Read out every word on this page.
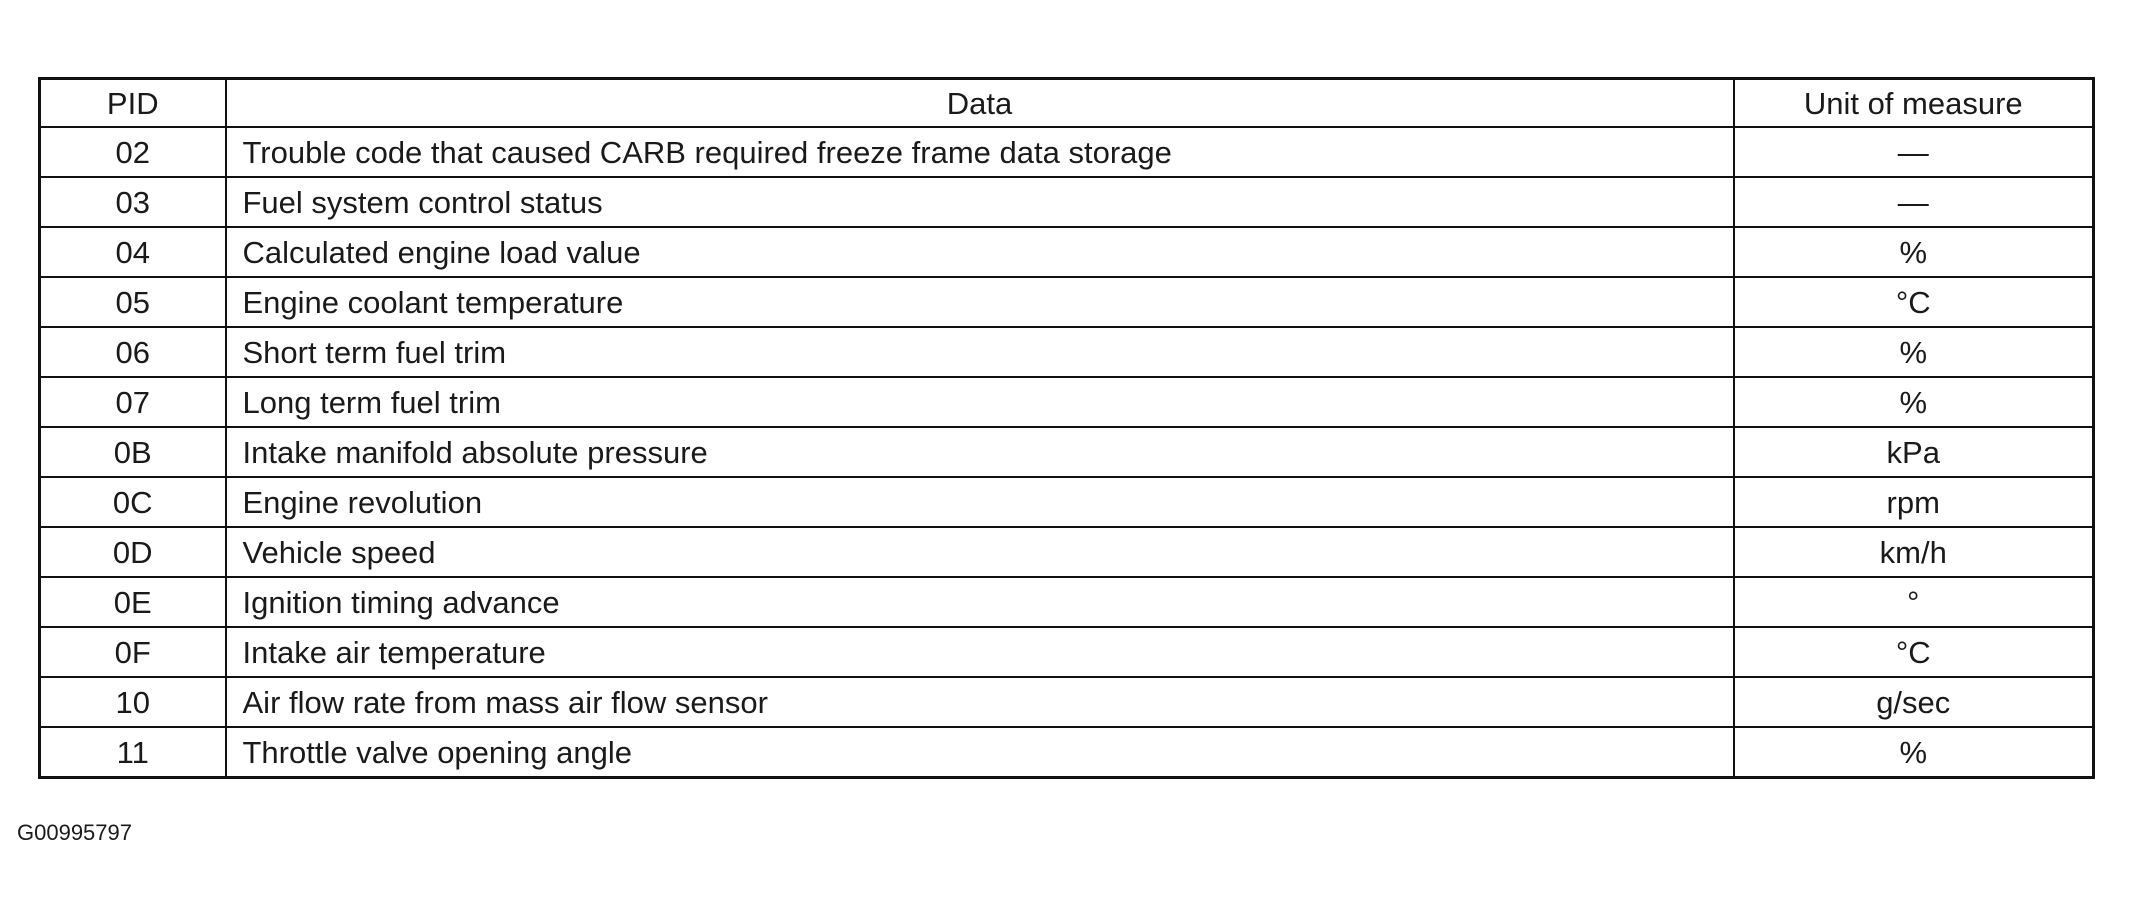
PID	Data	Unit of measure
02	Trouble code that caused CARB required freeze frame data storage	—
03	Fuel system control status	—
04	Calculated engine load value	%
05	Engine coolant temperature	°C
06	Short term fuel trim	%
07	Long term fuel trim	%
0B	Intake manifold absolute pressure	kPa
0C	Engine revolution	rpm
0D	Vehicle speed	km/h
0E	Ignition timing advance	°
0F	Intake air temperature	°C
10	Air flow rate from mass air flow sensor	g/sec
11	Throttle valve opening angle	%
G00995797
